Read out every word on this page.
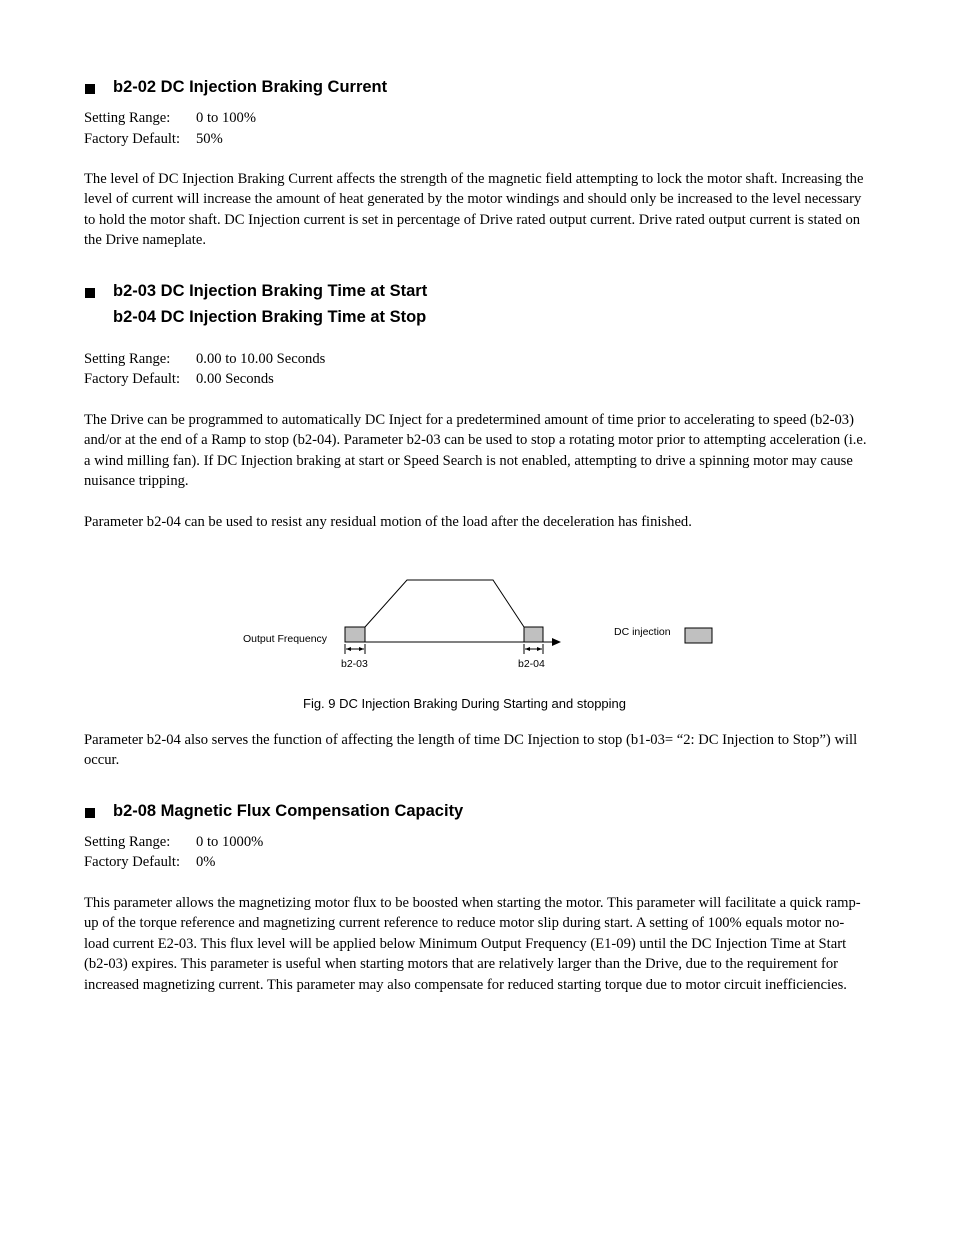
b2-02 DC Injection Braking Current
Setting Range: 0 to 100%
Factory Default: 50%

The level of DC Injection Braking Current affects the strength of the magnetic field attempting to lock the motor shaft. Increasing the level of current will increase the amount of heat generated by the motor windings and should only be increased to the level necessary to hold the motor shaft. DC Injection current is set in percentage of Drive rated output current. Drive rated output current is stated on the Drive nameplate.

b2-03 DC Injection Braking Time at Start
b2-04 DC Injection Braking Time at Stop
Setting Range: 0.00 to 10.00 Seconds
Factory Default: 0.00 Seconds

The Drive can be programmed to automatically DC Inject for a predetermined amount of time prior to accelerating to speed (b2-03) and/or at the end of a Ramp to stop (b2-04). Parameter b2-03 can be used to stop a rotating motor prior to attempting acceleration (i.e. a wind milling fan). If DC Injection braking at start or Speed Search is not enabled, attempting to drive a spinning motor may cause nuisance tripping.

Parameter b2-04 can be used to resist any residual motion of the load after the deceleration has finished.

Output Frequency
b2-03	b2-04
DC injection
Fig. 9 DC Injection Braking During Starting and stopping

Parameter b2-04 also serves the function of affecting the length of time DC Injection to stop (b1-03= “2: DC Injection to Stop”) will occur.

b2-08 Magnetic Flux Compensation Capacity
Setting Range: 0 to 1000%
Factory Default: 0%

This parameter allows the magnetizing motor flux to be boosted when starting the motor. This parameter will facilitate a quick ramp-up of the torque reference and magnetizing current reference to reduce motor slip during start. A setting of 100% equals motor no-load current E2-03. This flux level will be applied below Minimum Output Frequency (E1-09) until the DC Injection Time at Start (b2-03) expires. This parameter is useful when starting motors that are relatively larger than the Drive, due to the requirement for increased magnetizing current. This parameter may also compensate for reduced starting torque due to motor circuit inefficiencies.
